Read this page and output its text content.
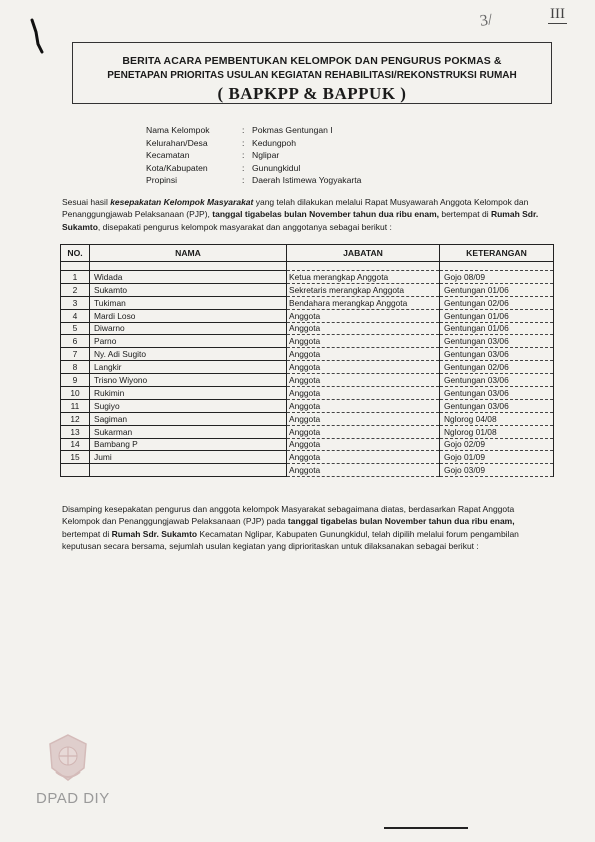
3/	III
BERITA ACARA PEMBENTUKAN KELOMPOK DAN PENGURUS POKMAS &
PENETAPAN PRIORITAS USULAN KEGIATAN REHABILITASI/REKONSTRUKSI RUMAH
( BAPKPP & BAPPUK )
Nama Kelompok	: Pokmas Gentungan I
Kelurahan/Desa	: Kedungpoh
Kecamatan	: Nglipar
Kota/Kabupaten	: Gunungkidul
Propinsi	: Daerah Istimewa Yogyakarta
Sesuai hasil kesepakatan Kelompok Masyarakat yang telah dilakukan melalui Rapat Musyawarah Anggota Kelompok dan Penanggungjawab Pelaksanaan (PJP), tanggal tigabelas bulan November tahun dua ribu enam, bertempat di Rumah Sdr. Sukamto, disepakati pengurus kelompok masyarakat dan anggotanya sebagai berikut :
NO.	NAMA	JABATAN	KETERANGAN

1	Widada	Ketua merangkap Anggota	Gojo 08/09
2	Sukamto	Sekretaris merangkap Anggota	Gentungan 01/06
3	Tukiman	Bendahara merangkap Anggota	Gentungan 02/06
4	Mardi Loso	Anggota	Gentungan 01/06
5	Diwarno	Anggota	Gentungan 01/06
6	Parno	Anggota	Gentungan 03/06
7	Ny. Adi Sugito	Anggota	Gentungan 03/06
8	Langkir	Anggota	Gentungan 02/06
9	Trisno Wiyono	Anggota	Gentungan 03/06
10	Rukimin	Anggota	Gentungan 03/06
11	Sugiyo	Anggota	Gentungan 03/06
12	Sagiman	Anggota	Nglorog 04/08
13	Sukarman	Anggota	Nglorog 01/08
14	Bambang P	Anggota	Gojo 02/09
15	Jumi	Anggota	Gojo 01/09
		Anggota	Gojo 03/09
Disamping kesepakatan pengurus dan anggota kelompok Masyarakat sebagaimana diatas, berdasarkan Rapat Anggota Kelompok dan Penanggungjawab Pelaksanaan (PJP) pada tanggal tigabelas bulan November tahun dua ribu enam, bertempat di Rumah Sdr. Sukamto Kecamatan Nglipar, Kabupaten Gunungkidul, telah dipilih melalui forum pengambilan keputusan secara bersama, sejumlah usulan kegiatan yang diprioritaskan untuk dilaksanakan sebagai berikut :
DPAD DIY
